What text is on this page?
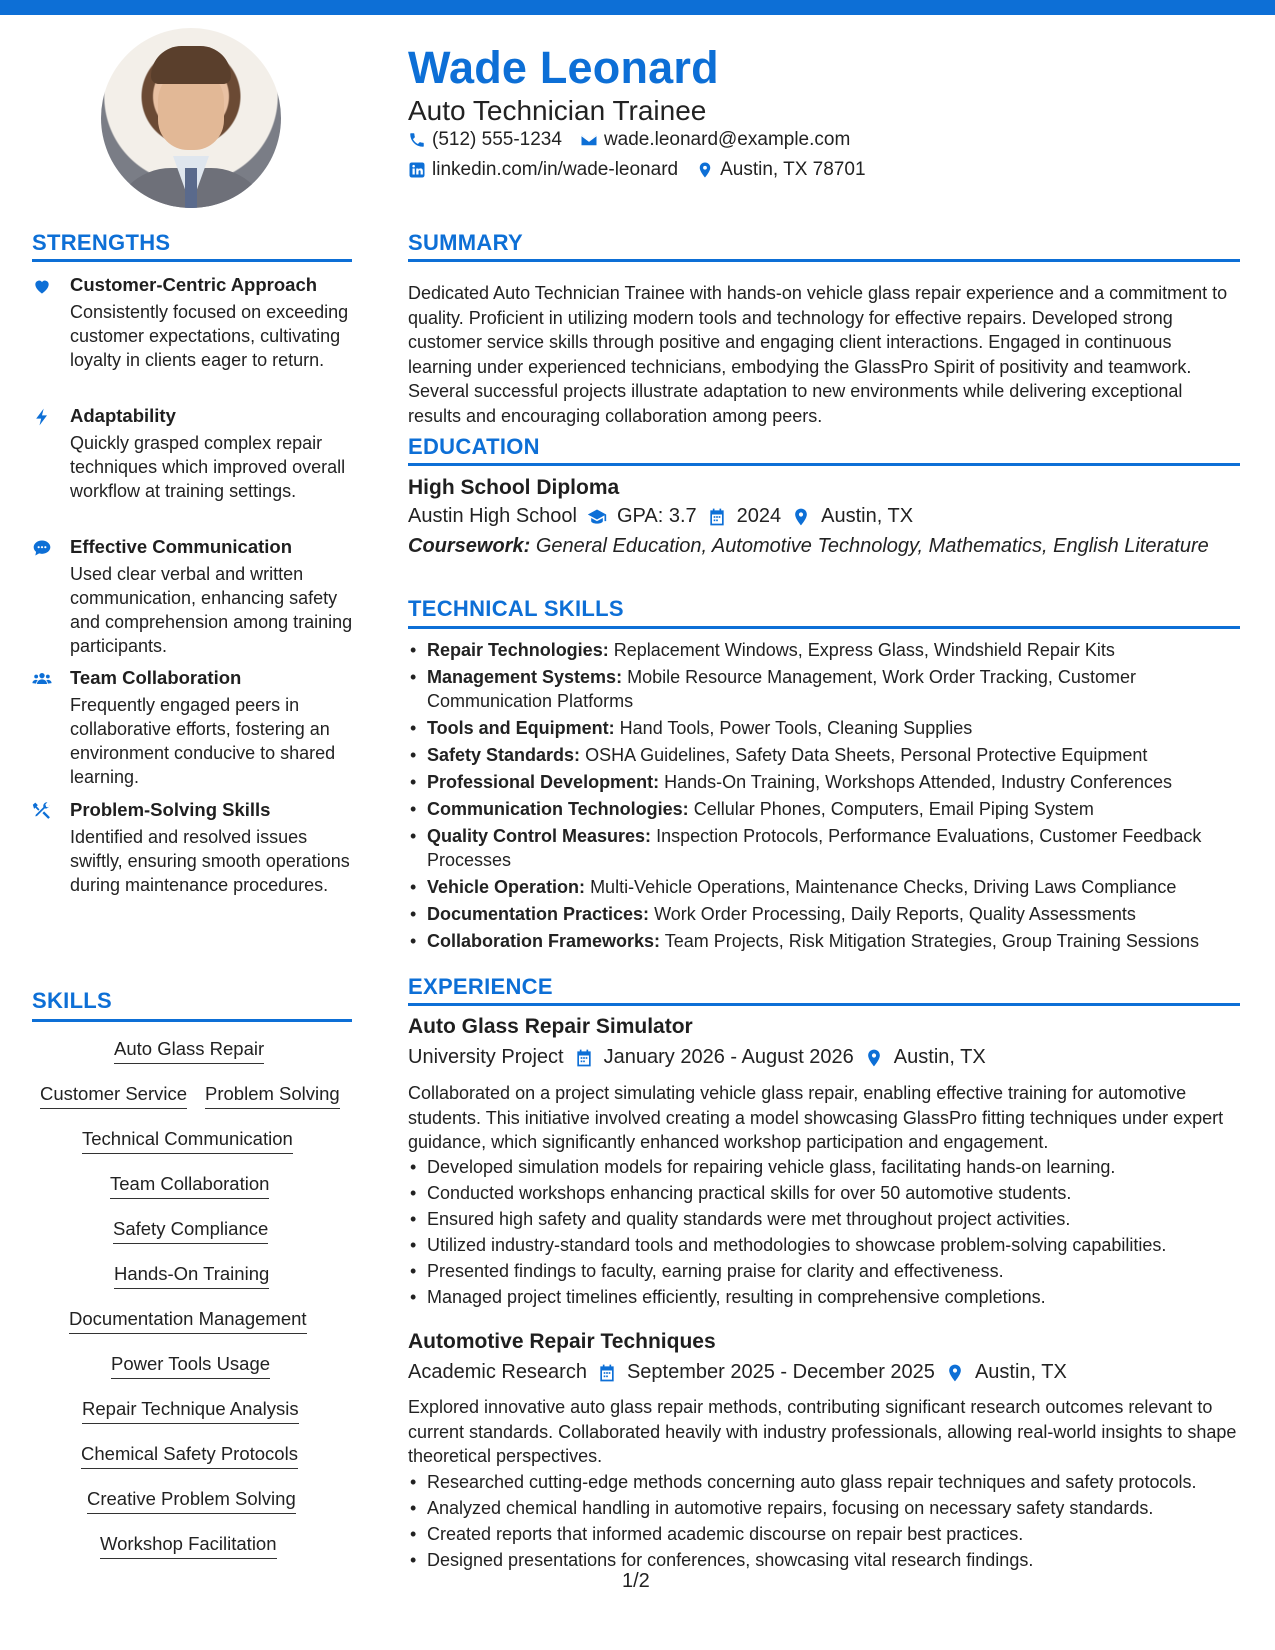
Wade Leonard
Auto Technician Trainee
(512) 555-1234 wade.leonard@example.com
linkedin.com/in/wade-leonard Austin, TX 78701
STRENGTHS
Customer-Centric Approach
Consistently focused on exceeding customer expectations, cultivating loyalty in clients eager to return.
Adaptability
Quickly grasped complex repair techniques which improved overall workflow at training settings.
Effective Communication
Used clear verbal and written communication, enhancing safety and comprehension among training participants.
Team Collaboration
Frequently engaged peers in collaborative efforts, fostering an environment conducive to shared learning.
Problem-Solving Skills
Identified and resolved issues swiftly, ensuring smooth operations during maintenance procedures.
SKILLS
Auto Glass Repair
Customer Service Problem Solving
Technical Communication
Team Collaboration
Safety Compliance
Hands-On Training
Documentation Management
Power Tools Usage
Repair Technique Analysis
Chemical Safety Protocols
Creative Problem Solving
Workshop Facilitation
SUMMARY
Dedicated Auto Technician Trainee with hands-on vehicle glass repair experience and a commitment to quality. Proficient in utilizing modern tools and technology for effective repairs. Developed strong customer service skills through positive and engaging client interactions. Engaged in continuous learning under experienced technicians, embodying the GlassPro Spirit of positivity and teamwork. Several successful projects illustrate adaptation to new environments while delivering exceptional results and encouraging collaboration among peers.
EDUCATION
High School Diploma
Austin High School GPA: 3.7 2024 Austin, TX
Coursework: General Education, Automotive Technology, Mathematics, English Literature
TECHNICAL SKILLS
• Repair Technologies: Replacement Windows, Express Glass, Windshield Repair Kits
• Management Systems: Mobile Resource Management, Work Order Tracking, Customer Communication Platforms
• Tools and Equipment: Hand Tools, Power Tools, Cleaning Supplies
• Safety Standards: OSHA Guidelines, Safety Data Sheets, Personal Protective Equipment
• Professional Development: Hands-On Training, Workshops Attended, Industry Conferences
• Communication Technologies: Cellular Phones, Computers, Email Piping System
• Quality Control Measures: Inspection Protocols, Performance Evaluations, Customer Feedback Processes
• Vehicle Operation: Multi-Vehicle Operations, Maintenance Checks, Driving Laws Compliance
• Documentation Practices: Work Order Processing, Daily Reports, Quality Assessments
• Collaboration Frameworks: Team Projects, Risk Mitigation Strategies, Group Training Sessions
EXPERIENCE
Auto Glass Repair Simulator
University Project January 2026 - August 2026 Austin, TX
Collaborated on a project simulating vehicle glass repair, enabling effective training for automotive students. This initiative involved creating a model showcasing GlassPro fitting techniques under expert guidance, which significantly enhanced workshop participation and engagement.
• Developed simulation models for repairing vehicle glass, facilitating hands-on learning.
• Conducted workshops enhancing practical skills for over 50 automotive students.
• Ensured high safety and quality standards were met throughout project activities.
• Utilized industry-standard tools and methodologies to showcase problem-solving capabilities.
• Presented findings to faculty, earning praise for clarity and effectiveness.
• Managed project timelines efficiently, resulting in comprehensive completions.
Automotive Repair Techniques
Academic Research September 2025 - December 2025 Austin, TX
Explored innovative auto glass repair methods, contributing significant research outcomes relevant to current standards. Collaborated heavily with industry professionals, allowing real-world insights to shape theoretical perspectives.
• Researched cutting-edge methods concerning auto glass repair techniques and safety protocols.
• Analyzed chemical handling in automotive repairs, focusing on necessary safety standards.
• Created reports that informed academic discourse on repair best practices.
• Designed presentations for conferences, showcasing vital research findings.
1/2
